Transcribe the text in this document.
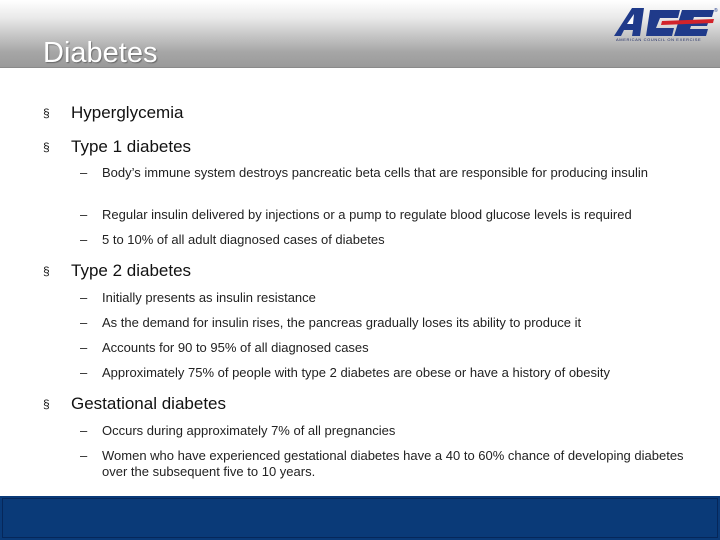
Diabetes
®
AMERICAN COUNCIL ON EXERCISE
§ Hyperglycemia
§ Type 1 diabetes
– Body’s immune system destroys pancreatic beta cells that are responsible for producing insulin
– Regular insulin delivered by injections or a pump to regulate blood glucose levels is required
– 5 to 10% of all adult diagnosed cases of diabetes
§ Type 2 diabetes
– Initially presents as insulin resistance
– As the demand for insulin rises, the pancreas gradually loses its ability to produce it
– Accounts for 90 to 95% of all diagnosed cases
– Approximately 75% of people with type 2 diabetes are obese or have a history of obesity
§ Gestational diabetes
– Occurs during approximately 7% of all pregnancies
– Women who have experienced gestational diabetes have a 40 to 60% chance of developing diabetes over the subsequent five to 10 years.
